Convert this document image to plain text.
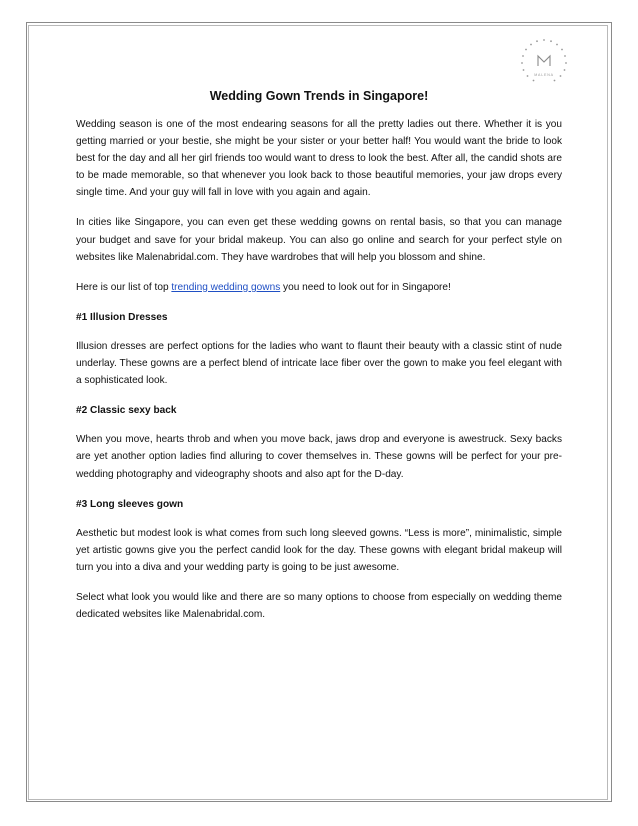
MALENA
Wedding Gown Trends in Singapore!

Wedding season is one of the most endearing seasons for all the pretty ladies out there. Whether it is you getting married or your bestie, she might be your sister or your better half! You would want the bride to look best for the day and all her girl friends too would want to dress to look the best. After all, the candid shots are to be made memorable, so that whenever you look back to those beautiful memories, your jaw drops every single time. And your guy will fall in love with you again and again.

In cities like Singapore, you can even get these wedding gowns on rental basis, so that you can manage your budget and save for your bridal makeup. You can also go online and search for your perfect style on websites like Malenabridal.com. They have wardrobes that will help you blossom and shine.

Here is our list of top trending wedding gowns you need to look out for in Singapore!

#1 Illusion Dresses

Illusion dresses are perfect options for the ladies who want to flaunt their beauty with a classic stint of nude underlay. These gowns are a perfect blend of intricate lace fiber over the gown to make you feel elegant with a sophisticated look.

#2 Classic sexy back

When you move, hearts throb and when you move back, jaws drop and everyone is awestruck. Sexy backs are yet another option ladies find alluring to cover themselves in. These gowns will be perfect for your pre-wedding photography and videography shoots and also apt for the D-day.

#3 Long sleeves gown

Aesthetic but modest look is what comes from such long sleeved gowns. “Less is more”, minimalistic, simple yet artistic gowns give you the perfect candid look for the day. These gowns with elegant bridal makeup will turn you into a diva and your wedding party is going to be just awesome.

Select what look you would like and there are so many options to choose from especially on wedding theme dedicated websites like Malenabridal.com.
